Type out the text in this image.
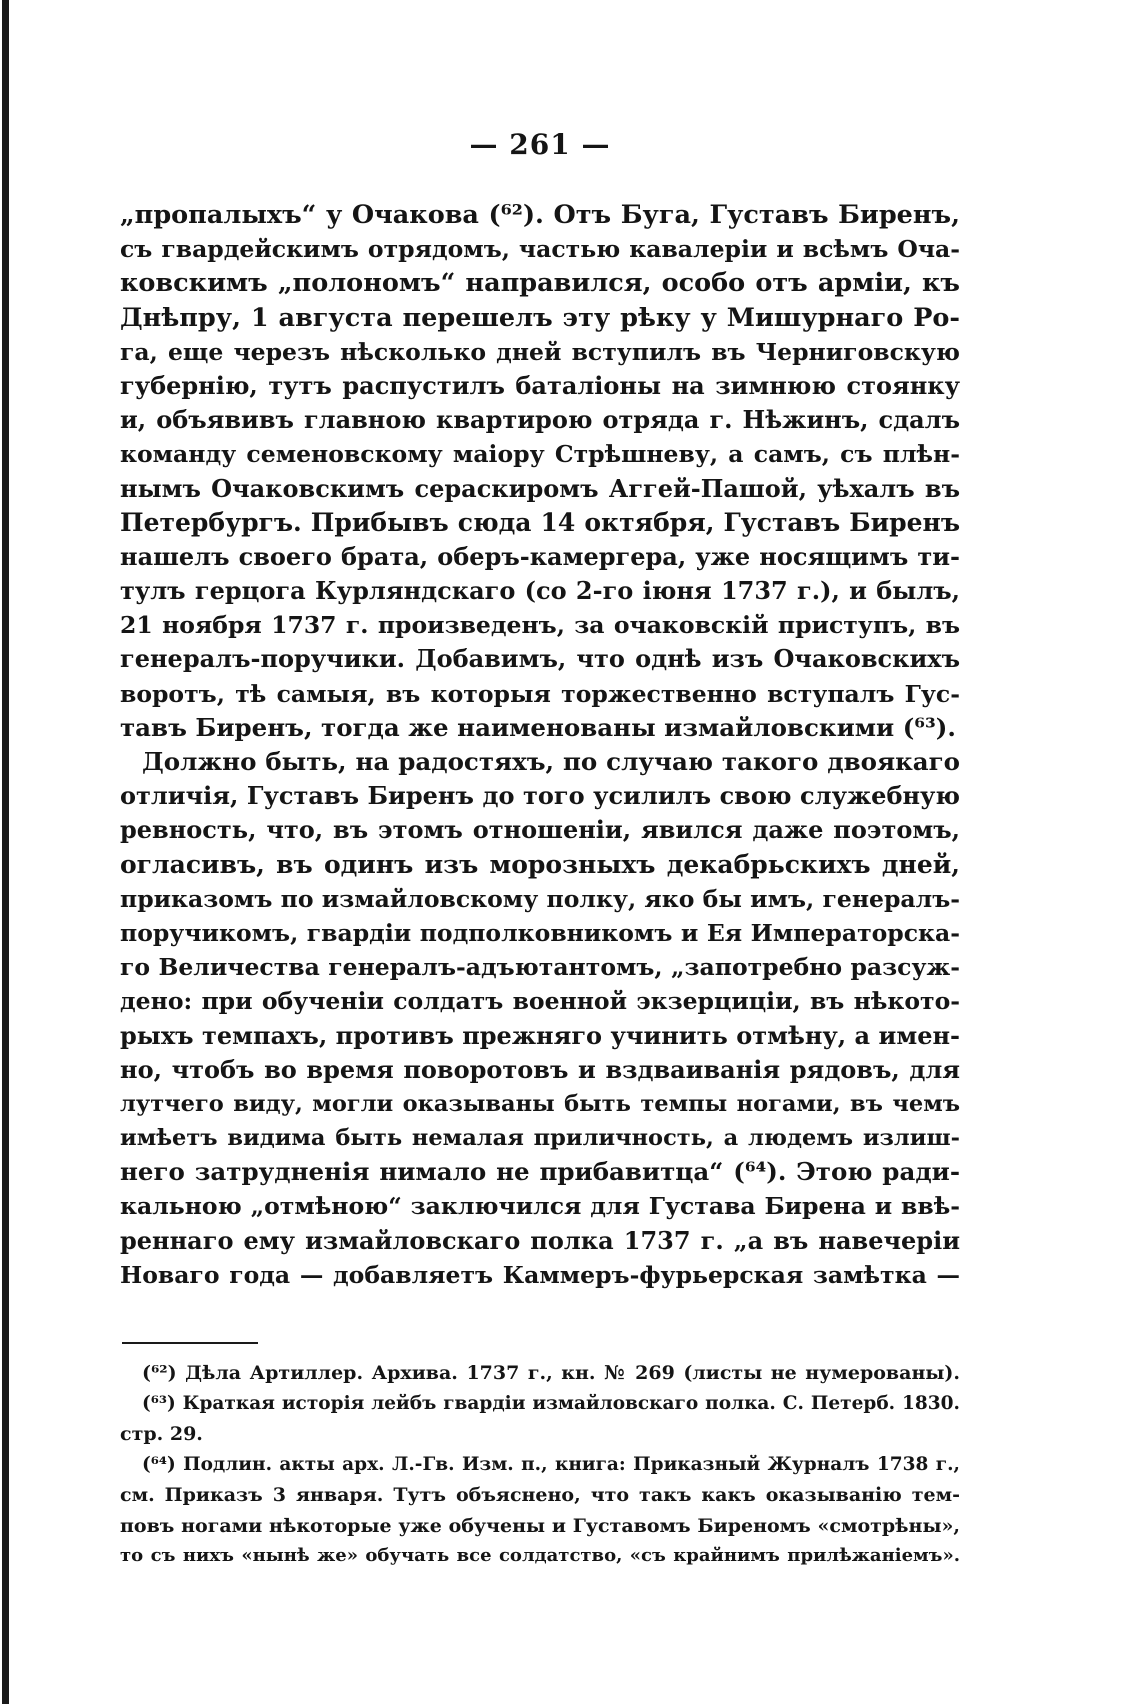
— 261 —
„пропалыхъ“ у Очакова (⁶²). Отъ Буга, Густавъ Биренъ,
съ гвардейскимъ отрядомъ, частью кавалеріи и всѣмъ Оча-
ковскимъ „полономъ“ направился, особо отъ арміи, къ
Днѣпру, 1 августа перешелъ эту рѣку у Мишурнаго Ро-
га, еще черезъ нѣсколько дней вступилъ въ Черниговскую
губернію, тутъ распустилъ баталіоны на зимнюю стоянку
и, объявивъ главною квартирою отряда г. Нѣжинъ, сдалъ
команду семеновскому маіору Стрѣшневу, а самъ, съ плѣн-
нымъ Очаковскимъ сераскиромъ Аггей-Пашой, уѣхалъ въ
Петербургъ. Прибывъ сюда 14 октября, Густавъ Биренъ
нашелъ своего брата, оберъ-камергера, уже носящимъ ти-
тулъ герцога Курляндскаго (со 2-го іюня 1737 г.), и былъ,
21 ноября 1737 г. произведенъ, за очаковскій приступъ, въ
генералъ-поручики. Добавимъ, что однѣ изъ Очаковскихъ
воротъ, тѣ самыя, въ которыя торжественно вступалъ Гус-
тавъ Биренъ, тогда же наименованы измайловскими (⁶³).
Должно быть, на радостяхъ, по случаю такого двоякаго
отличія, Густавъ Биренъ до того усилилъ свою служебную
ревность, что, въ этомъ отношеніи, явился даже поэтомъ,
огласивъ, въ одинъ изъ морозныхъ декабрьскихъ дней,
приказомъ по измайловскому полку, яко бы имъ, генералъ-
поручикомъ, гвардіи подполковникомъ и Ея Императорска-
го Величества генералъ-адъютантомъ, „запотребно разсуж-
дено: при обученіи солдатъ военной экзерциціи, въ нѣкото-
рыхъ темпахъ, противъ прежняго учинить отмѣну, а имен-
но, чтобъ во время поворотовъ и вздваиванія рядовъ, для
лутчего виду, могли оказываны быть темпы ногами, въ чемъ
имѣетъ видима быть немалая приличность, а людемъ излиш-
него затрудненія нимало не прибавитца“ (⁶⁴). Этою ради-
кальною „отмѣною“ заключился для Густава Бирена и ввѣ-
реннаго ему измайловскаго полка 1737 г. „а въ навечеріи
Новаго года — добавляетъ Каммеръ-фурьерская замѣтка —
(⁶²) Дѣла Артиллер. Архива. 1737 г., кн. № 269 (листы не нумерованы).
(⁶³) Краткая исторія лейбъ гвардіи измайловскаго полка. С. Петерб. 1830.
стр. 29.
(⁶⁴) Подлин. акты арх. Л.-Гв. Изм. п., книга: Приказный Журналъ 1738 г.,
см. Приказъ 3 января. Тутъ объяснено, что такъ какъ оказыванію тем-
повъ ногами нѣкоторые уже обучены и Густавомъ Биреномъ «смотрѣны»,
то съ нихъ «нынѣ же» обучать все солдатство, «съ крайнимъ прилѣжаніемъ».
